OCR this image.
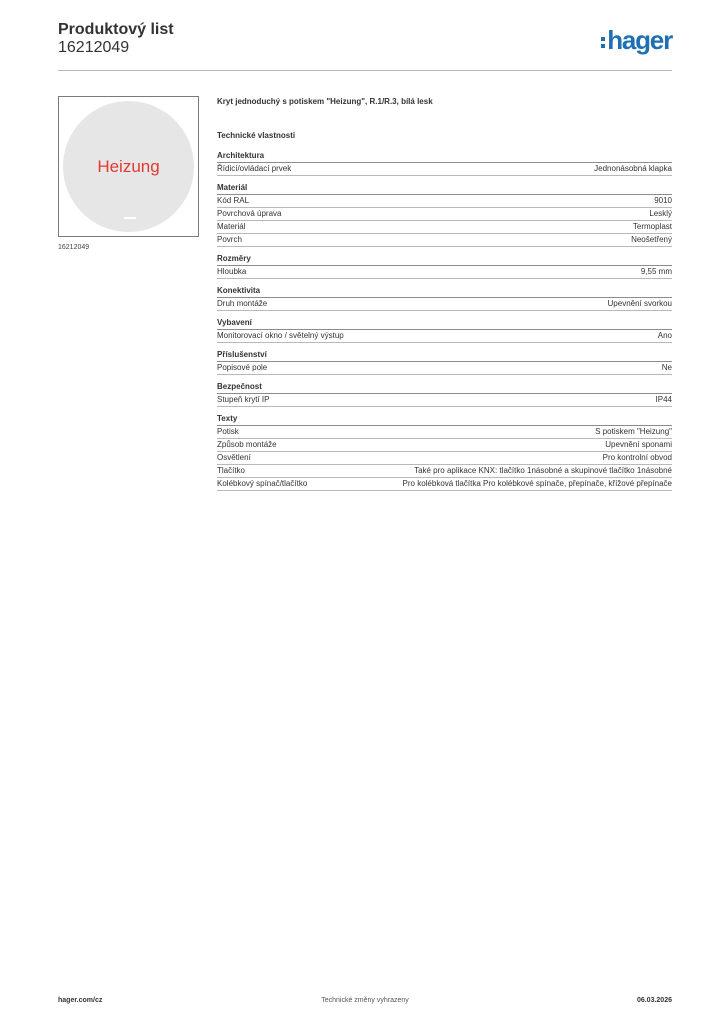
Produktový list
16212049	hager
Heizung
16212049
Kryt jednoduchý s potiskem "Heizung", R.1/R.3, bílá lesk
Technické vlastnosti
Architektura
Řídicí/ovládací prvek	Jednonásobná klapka
Materiál
Kód RAL	9010
Povrchová úprava	Lesklý
Materiál	Termoplast
Povrch	Neošetřený
Rozměry
Hloubka	9,55 mm
Konektivita
Druh montáže	Upevnění svorkou
Vybavení
Monitorovací okno / světelný výstup	Ano
Příslušenství
Popisové pole	Ne
Bezpečnost
Stupeň krytí IP	IP44
Texty
Potisk	S potiskem "Heizung"
Způsob montáže	Upevnění sponami
Osvětlení	Pro kontrolní obvod
Tlačítko	Také pro aplikace KNX: tlačítko 1násobné a skupinové tlačítko 1násobné
Kolébkový spínač/tlačítko	Pro kolébková tlačítka Pro kolébkové spínače, přepínače, křížové přepínače
hager.com/cz	Technické změny vyhrazeny	06.03.2026
